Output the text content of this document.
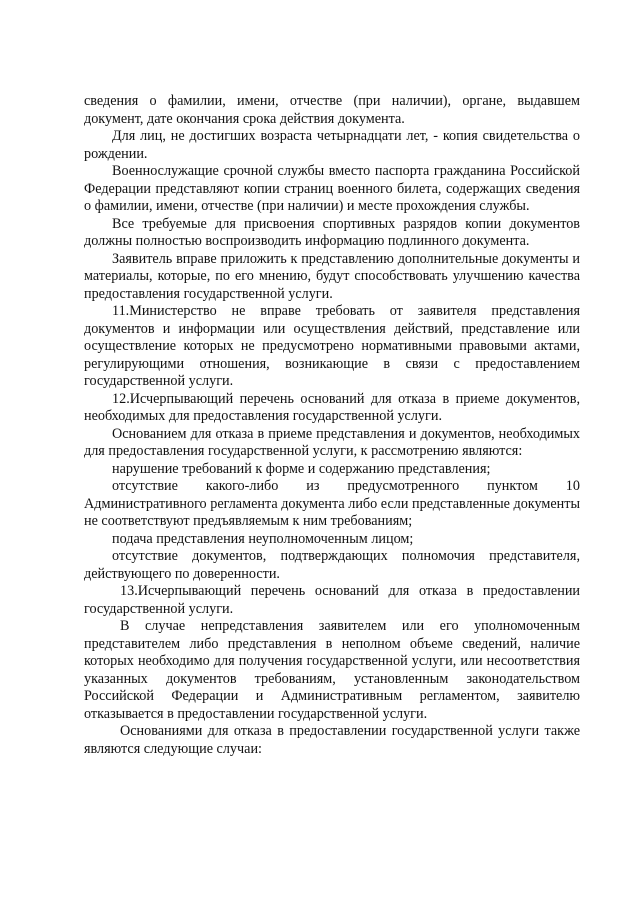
сведения о фамилии, имени, отчестве (при наличии), органе, выдавшем документ, дате окончания срока действия документа.

Для лиц, не достигших возраста четырнадцати лет, - копия свидетельства о рождении.

Военнослужащие срочной службы вместо паспорта гражданина Российской Федерации представляют копии страниц военного билета, содержащих сведения о фамилии, имени, отчестве (при наличии) и месте прохождения службы.

Все требуемые для присвоения спортивных разрядов копии документов должны полностью воспроизводить информацию подлинного документа.

Заявитель вправе приложить к представлению дополнительные документы и материалы, которые, по его мнению, будут способствовать улучшению качества предоставления государственной услуги.

11.Министерство не вправе требовать от заявителя представления документов и информации или осуществления действий, представление или осуществление которых не предусмотрено нормативными правовыми актами, регулирующими отношения, возникающие в связи с предоставлением государственной услуги.

12.Исчерпывающий перечень оснований для отказа в приеме документов, необходимых для предоставления государственной услуги.

Основанием для отказа в приеме представления и документов, необходимых для предоставления государственной услуги, к рассмотрению являются:

нарушение требований к форме и содержанию представления;

отсутствие какого-либо из предусмотренного пунктом 10 Административного регламента документа либо если представленные документы не соответствуют предъявляемым к ним требованиям;

подача представления неуполномоченным лицом;

отсутствие документов, подтверждающих полномочия представителя, действующего по доверенности.

13.Исчерпывающий перечень оснований для отказа в предоставлении государственной услуги.

В случае непредставления заявителем или его уполномоченным представителем либо представления в неполном объеме сведений, наличие которых необходимо для получения государственной услуги, или несоответствия указанных документов требованиям, установленным законодательством Российской Федерации и Административным регламентом, заявителю отказывается в предоставлении государственной услуги.

Основаниями для отказа в предоставлении государственной услуги также являются следующие случаи:
